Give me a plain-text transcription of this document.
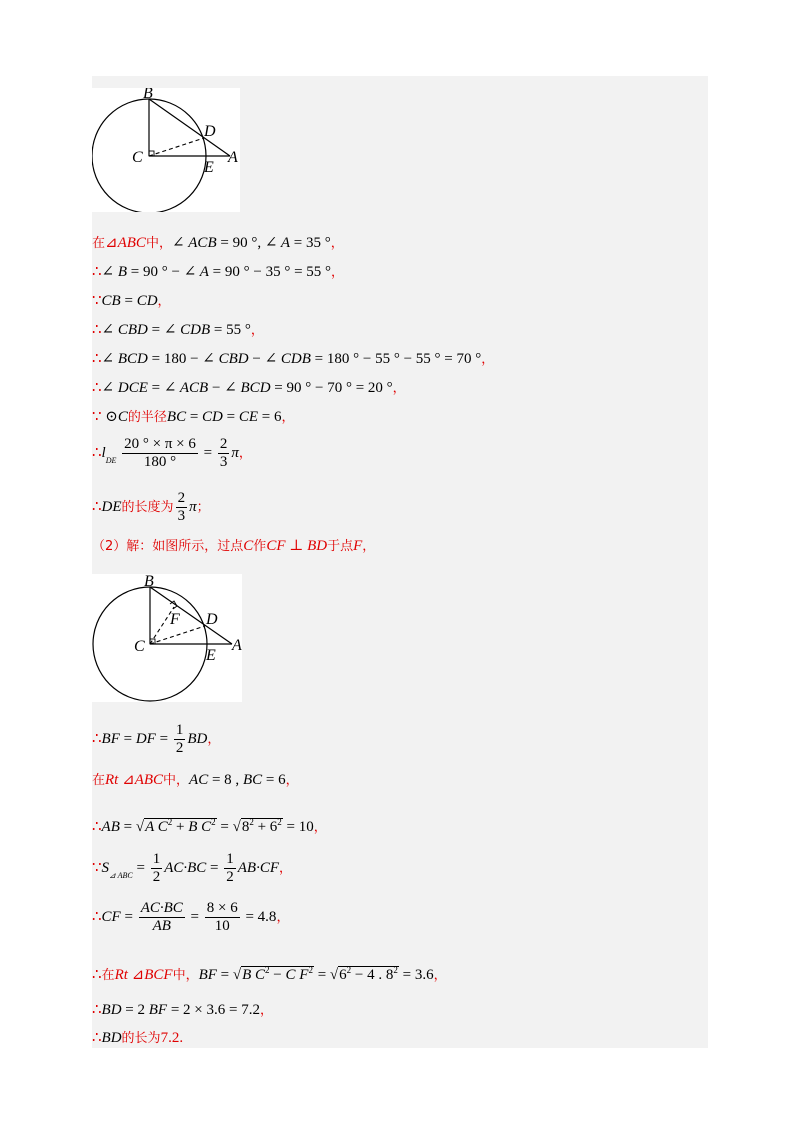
B
C
D
E
A
在⊿ABC中，∠ ACB = 90 °, ∠ A = 35 °，
∴∠ B = 90 ° − ∠ A = 90 ° − 35 ° = 55 °，
∵CB = CD，
∴∠ CBD = ∠ CDB = 55 °，
∴∠ BCD = 180 − ∠ CBD − ∠ CDB = 180 ° − 55 ° − 55 ° = 70 °，
∴∠ DCE = ∠ ACB − ∠ BCD = 90 ° − 70 ° = 20 °，
∵ ⊙C的半径BC = CD = CE = 6，
$\therefore l_{DE} \frac{20 ^\circ \times \pi \times 6}{180 ^\circ} = \frac{2}{3}$ π，
∴DE的长度为 $\frac{2}{3}$ π；
（2）解：如图所示，过点C作CF ⊥ BD于点F，
B
C
F D
E
A
∴BF = DF = $\frac{1}{2}$ BD，
在Rt ⊿ABC中，AC = 8 , BC = 6，
∴AB = √A $C^2 + B$ $C^2 = √8^2 + 6^2 = 10$，
$\because S_{⊿ ABC} = \frac{1}{2} AC\cdot BC = \frac{1}{2} AB\cdot CF$，
∴CF = $\frac{AC\cdot BC}{AB} = \frac{8 \times 6}{10} = 4.8$，
∴在Rt ⊿BCF中，BF = √B $C^2 - C$ $F^2 = √6^2 - 4$ . $8^2 = 3.6$，
∴BD = 2 BF = 2 × 3.6 = 7.2，
∴BD的长为7.2.
